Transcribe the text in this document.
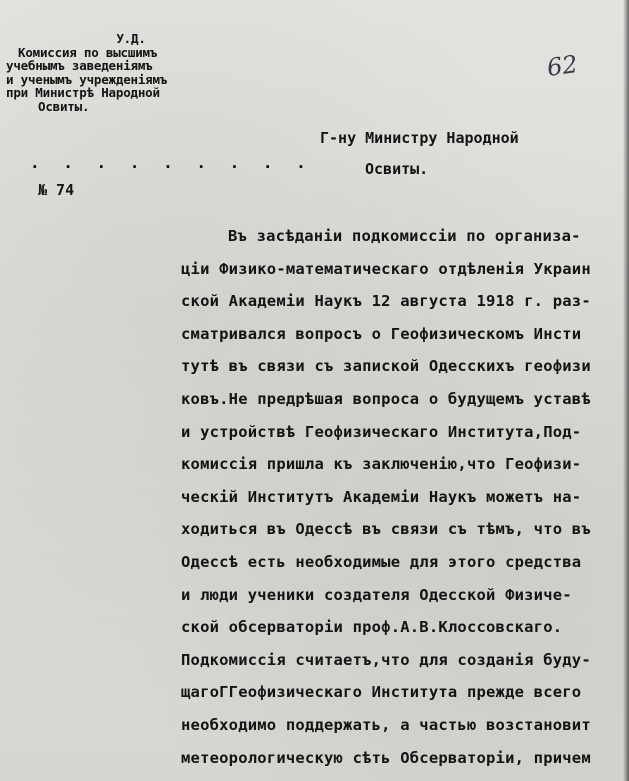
У.Д.
Комиссия по высшимъ
учебнымъ заведеніямъ
и ученымъ учрежденіямъ
при Министрѣ Народной
Освиты.
. . . . . . . . .
№ 74
Г-ну Министру Народной
Освиты.
62
Въ засѣданіи подкомиссіи по организа-
ціи Физико-математическаго отдѣленія Украин
ской Академіи Наукъ 12 августа 1918 г. раз-
сматривался вопросъ о Геофизическомъ Инсти
тутѣ въ связи съ запиской Одесскихъ геофизи
ковъ.Не предрѣшая вопроса о будущемъ уставѣ
и устройствѣ Геофизическаго Института,Под-
комиссія пришла къ заключенію,что Геофизи-
ческій Институтъ Академіи Наукъ можетъ на-
ходиться въ Одессѣ въ связи съ тѣмъ, что въ
Одессѣ есть необходимые для этого средства
и люди ученики создателя Одесской Физиче-
ской обсерваторіи проф.А.В.Клоссовскаго.
Подкомиссія считаетъ,что для созданія буду-
щагоГГеофизическаго Института прежде всего
необходимо поддержать, а частью возстановит
метеорологическую сѣть Обсерваторіи, причем
